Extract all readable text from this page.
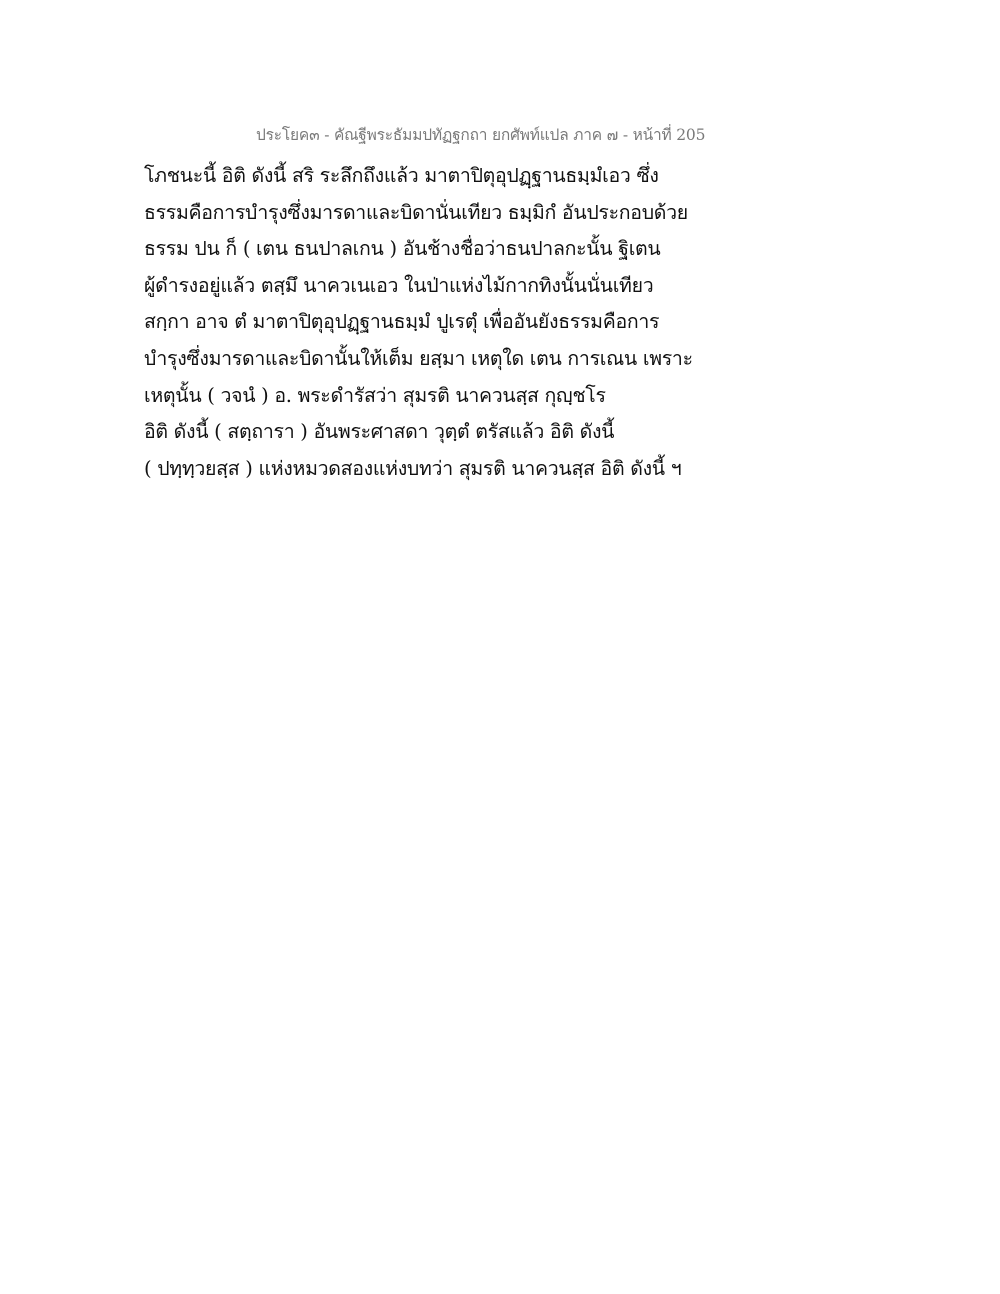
ประโยค๓ - คัณฐีพระธัมมปทัฏฐกถา ยกศัพท์แปล ภาค ๗ - หน้าที่ 205
โภชนะนี้ อิติ ดังนี้ สริ ระลึกถึงแล้ว มาตาปิตุอุปฏฺฐานธมฺมํเอว ซึ่ง
ธรรมคือการบำรุงซึ่งมารดาและบิดานั่นเทียว ธมฺมิกํ อันประกอบด้วย
ธรรม ปน ก็ ( เตน ธนปาลเกน ) อันช้างชื่อว่าธนปาลกะนั้น ฐิเตน
ผู้ดำรงอยู่แล้ว ตสฺมึ นาควเนเอว ในป่าแห่งไม้กากทิงนั้นนั่นเทียว
สกฺกา อาจ ตํ มาตาปิตุอุปฏฺฐานธมฺมํ ปูเรตุํ เพื่ออันยังธรรมคือการ
บำรุงซึ่งมารดาและบิดานั้นให้เต็ม ยสฺมา เหตุใด เตน การเณน เพราะ
เหตุนั้น ( วจนํ ) อ. พระดำรัสว่า สุมรติ นาควนสฺส กุญฺชโร
อิติ ดังนี้ ( สตฺถารา ) อันพระศาสดา วุตฺตํ ตรัสแล้ว อิติ ดังนี้
( ปทฺทฺวยสฺส ) แห่งหมวดสองแห่งบทว่า สุมรติ นาควนสฺส อิติ ดังนี้ ฯ
